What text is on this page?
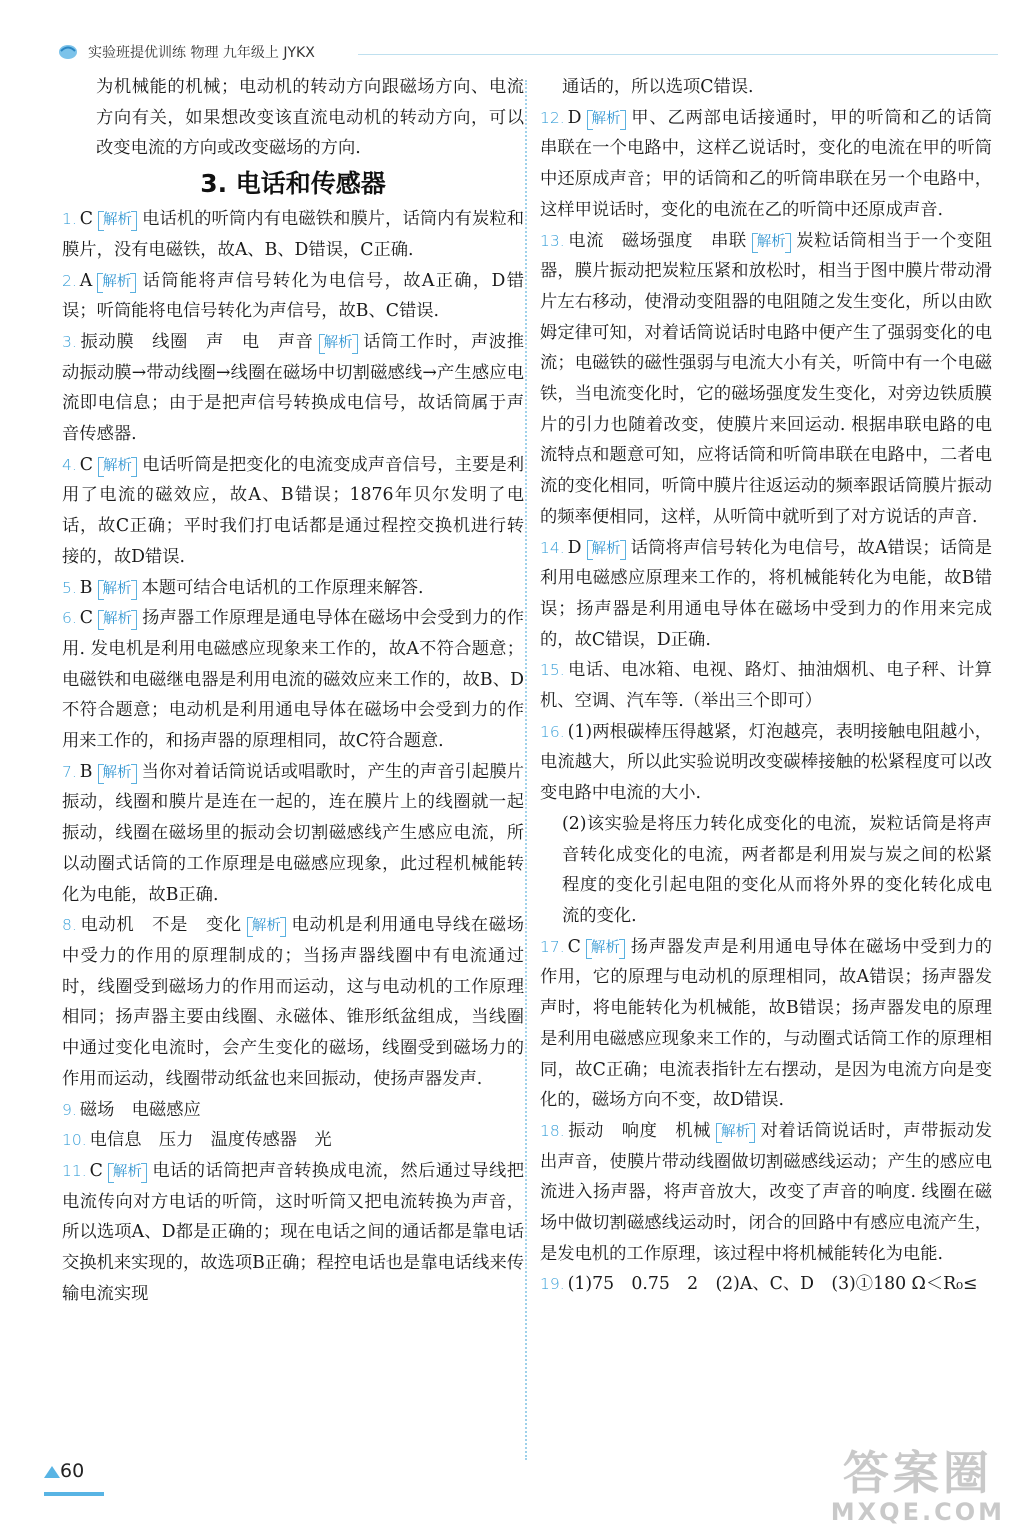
实验班提优训练 物理 九年级上 JYKX

为机械能的机械；电动机的转动方向跟磁场方向、电流方向有关，如果想改变该直流电动机的转动方向，可以改变电流的方向或改变磁场的方向.

3. 电话和传感器

1. C 解析 电话机的听筒内有电磁铁和膜片，话筒内有炭粒和膜片，没有电磁铁，故A、B、D错误，C正确.

2. A 解析 话筒能将声信号转化为电信号，故A正确，D错误；听筒能将电信号转化为声信号，故B、C错误.

3. 振动膜　线圈　声　电　声音 解析 话筒工作时，声波推动振动膜→带动线圈→线圈在磁场中切割磁感线→产生感应电流即电信息；由于是把声信号转换成电信号，故话筒属于声音传感器.

4. C 解析 电话听筒是把变化的电流变成声音信号，主要是利用了电流的磁效应，故A、B错误；1876年贝尔发明了电话，故C正确；平时我们打电话都是通过程控交换机进行转接的，故D错误.

5. B 解析 本题可结合电话机的工作原理来解答.

6. C 解析 扬声器工作原理是通电导体在磁场中会受到力的作用. 发电机是利用电磁感应现象来工作的，故A不符合题意；电磁铁和电磁继电器是利用电流的磁效应来工作的，故B、D不符合题意；电动机是利用通电导体在磁场中会受到力的作用来工作的，和扬声器的原理相同，故C符合题意.

7. B 解析 当你对着话筒说话或唱歌时，产生的声音引起膜片振动，线圈和膜片是连在一起的，连在膜片上的线圈就一起振动，线圈在磁场里的振动会切割磁感线产生感应电流，所以动圈式话筒的工作原理是电磁感应现象，此过程机械能转化为电能，故B正确.

8. 电动机　不是　变化 解析 电动机是利用通电导线在磁场中受力的作用的原理制成的；当扬声器线圈中有电流通过时，线圈受到磁场力的作用而运动，这与电动机的工作原理相同；扬声器主要由线圈、永磁体、锥形纸盆组成，当线圈中通过变化电流时，会产生变化的磁场，线圈受到磁场力的作用而运动，线圈带动纸盆也来回振动，使扬声器发声.

9. 磁场　电磁感应

10. 电信息　压力　温度传感器　光

11. C 解析 电话的话筒把声音转换成电流，然后通过导线把电流传向对方电话的听筒，这时听筒又把电流转换为声音，所以选项A、D都是正确的；现在电话之间的通话都是靠电话交换机来实现的，故选项B正确；程控电话也是靠电话线来传输电流实现

通话的，所以选项C错误.

12. D 解析 甲、乙两部电话接通时，甲的听筒和乙的话筒串联在一个电路中，这样乙说话时，变化的电流在甲的听筒中还原成声音；甲的话筒和乙的听筒串联在另一个电路中，这样甲说话时，变化的电流在乙的听筒中还原成声音.

13. 电流　磁场强度　串联 解析 炭粒话筒相当于一个变阻器，膜片振动把炭粒压紧和放松时，相当于图中膜片带动滑片左右移动，使滑动变阻器的电阻随之发生变化，所以由欧姆定律可知，对着话筒说话时电路中便产生了强弱变化的电流；电磁铁的磁性强弱与电流大小有关，听筒中有一个电磁铁，当电流变化时，它的磁场强度发生变化，对旁边铁质膜片的引力也随着改变，使膜片来回运动. 根据串联电路的电流特点和题意可知，应将话筒和听筒串联在电路中，二者电流的变化相同，听筒中膜片往返运动的频率跟话筒膜片振动的频率便相同，这样，从听筒中就听到了对方说话的声音.

14. D 解析 话筒将声信号转化为电信号，故A错误；话筒是利用电磁感应原理来工作的，将机械能转化为电能，故B错误；扬声器是利用通电导体在磁场中受到力的作用来完成的，故C错误，D正确.

15. 电话、电冰箱、电视、路灯、抽油烟机、电子秤、计算机、空调、汽车等.（举出三个即可）

16. (1)两根碳棒压得越紧，灯泡越亮，表明接触电阻越小，电流越大，所以此实验说明改变碳棒接触的松紧程度可以改变电路中电流的大小.

(2)该实验是将压力转化成变化的电流，炭粒话筒是将声音转化成变化的电流，两者都是利用炭与炭之间的松紧程度的变化引起电阻的变化从而将外界的变化转化成电流的变化.

17. C 解析 扬声器发声是利用通电导体在磁场中受到力的作用，它的原理与电动机的原理相同，故A错误；扬声器发声时，将电能转化为机械能，故B错误；扬声器发电的原理是利用电磁感应现象来工作的，与动圈式话筒工作的原理相同，故C正确；电流表指针左右摆动，是因为电流方向是变化的，磁场方向不变，故D错误.

18. 振动　响度　机械 解析 对着话筒说话时，声带振动发出声音，使膜片带动线圈做切割磁感线运动；产生的感应电流进入扬声器，将声音放大，改变了声音的响度. 线圈在磁场中做切割磁感线运动时，闭合的回路中有感应电流产生，是发电机的工作原理，该过程中将机械能转化为电能.

19. (1)75　0.75　2　(2)A、C、D　(3)①180 Ω＜R₀≤

60	答案圈
MXQE.COM
